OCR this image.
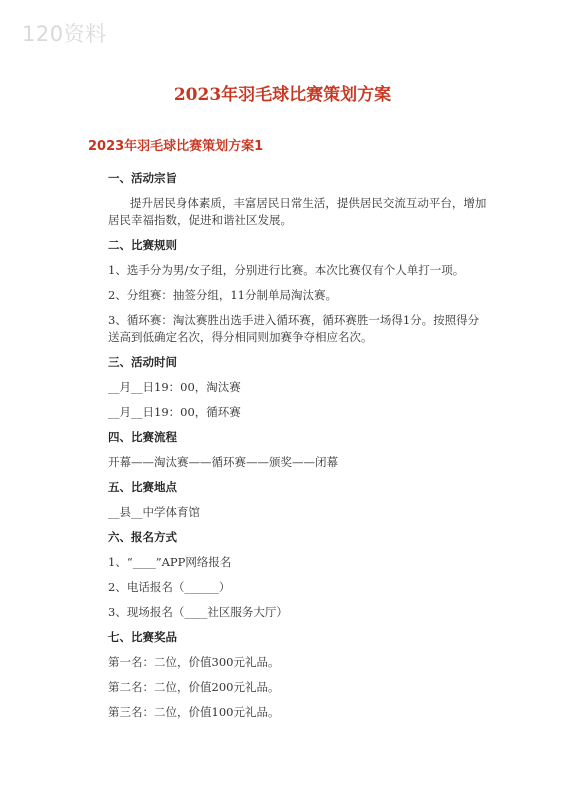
120资料
2023年羽毛球比赛策划方案
2023年羽毛球比赛策划方案1
一、活动宗旨
提升居民身体素质，丰富居民日常生活，提供居民交流互动平台，增加居民幸福指数，促进和谐社区发展。
二、比赛规则
1、选手分为男/女子组，分别进行比赛。本次比赛仅有个人单打一项。
2、分组赛：抽签分组，11分制单局淘汰赛。
3、循环赛：淘汰赛胜出选手进入循环赛，循环赛胜一场得1分。按照得分送高到低确定名次，得分相同则加赛争夺相应名次。
三、活动时间
__月__日19：00，淘汰赛
__月__日19：00，循环赛
四、比赛流程
开幕——淘汰赛——循环赛——颁奖——闭幕
五、比赛地点
__县__中学体育馆
六、报名方式
1、“____”APP网络报名
2、电话报名（______）
3、现场报名（____社区服务大厅）
七、比赛奖品
第一名：二位，价值300元礼品。
第二名：二位，价值200元礼品。
第三名：二位，价值100元礼品。
